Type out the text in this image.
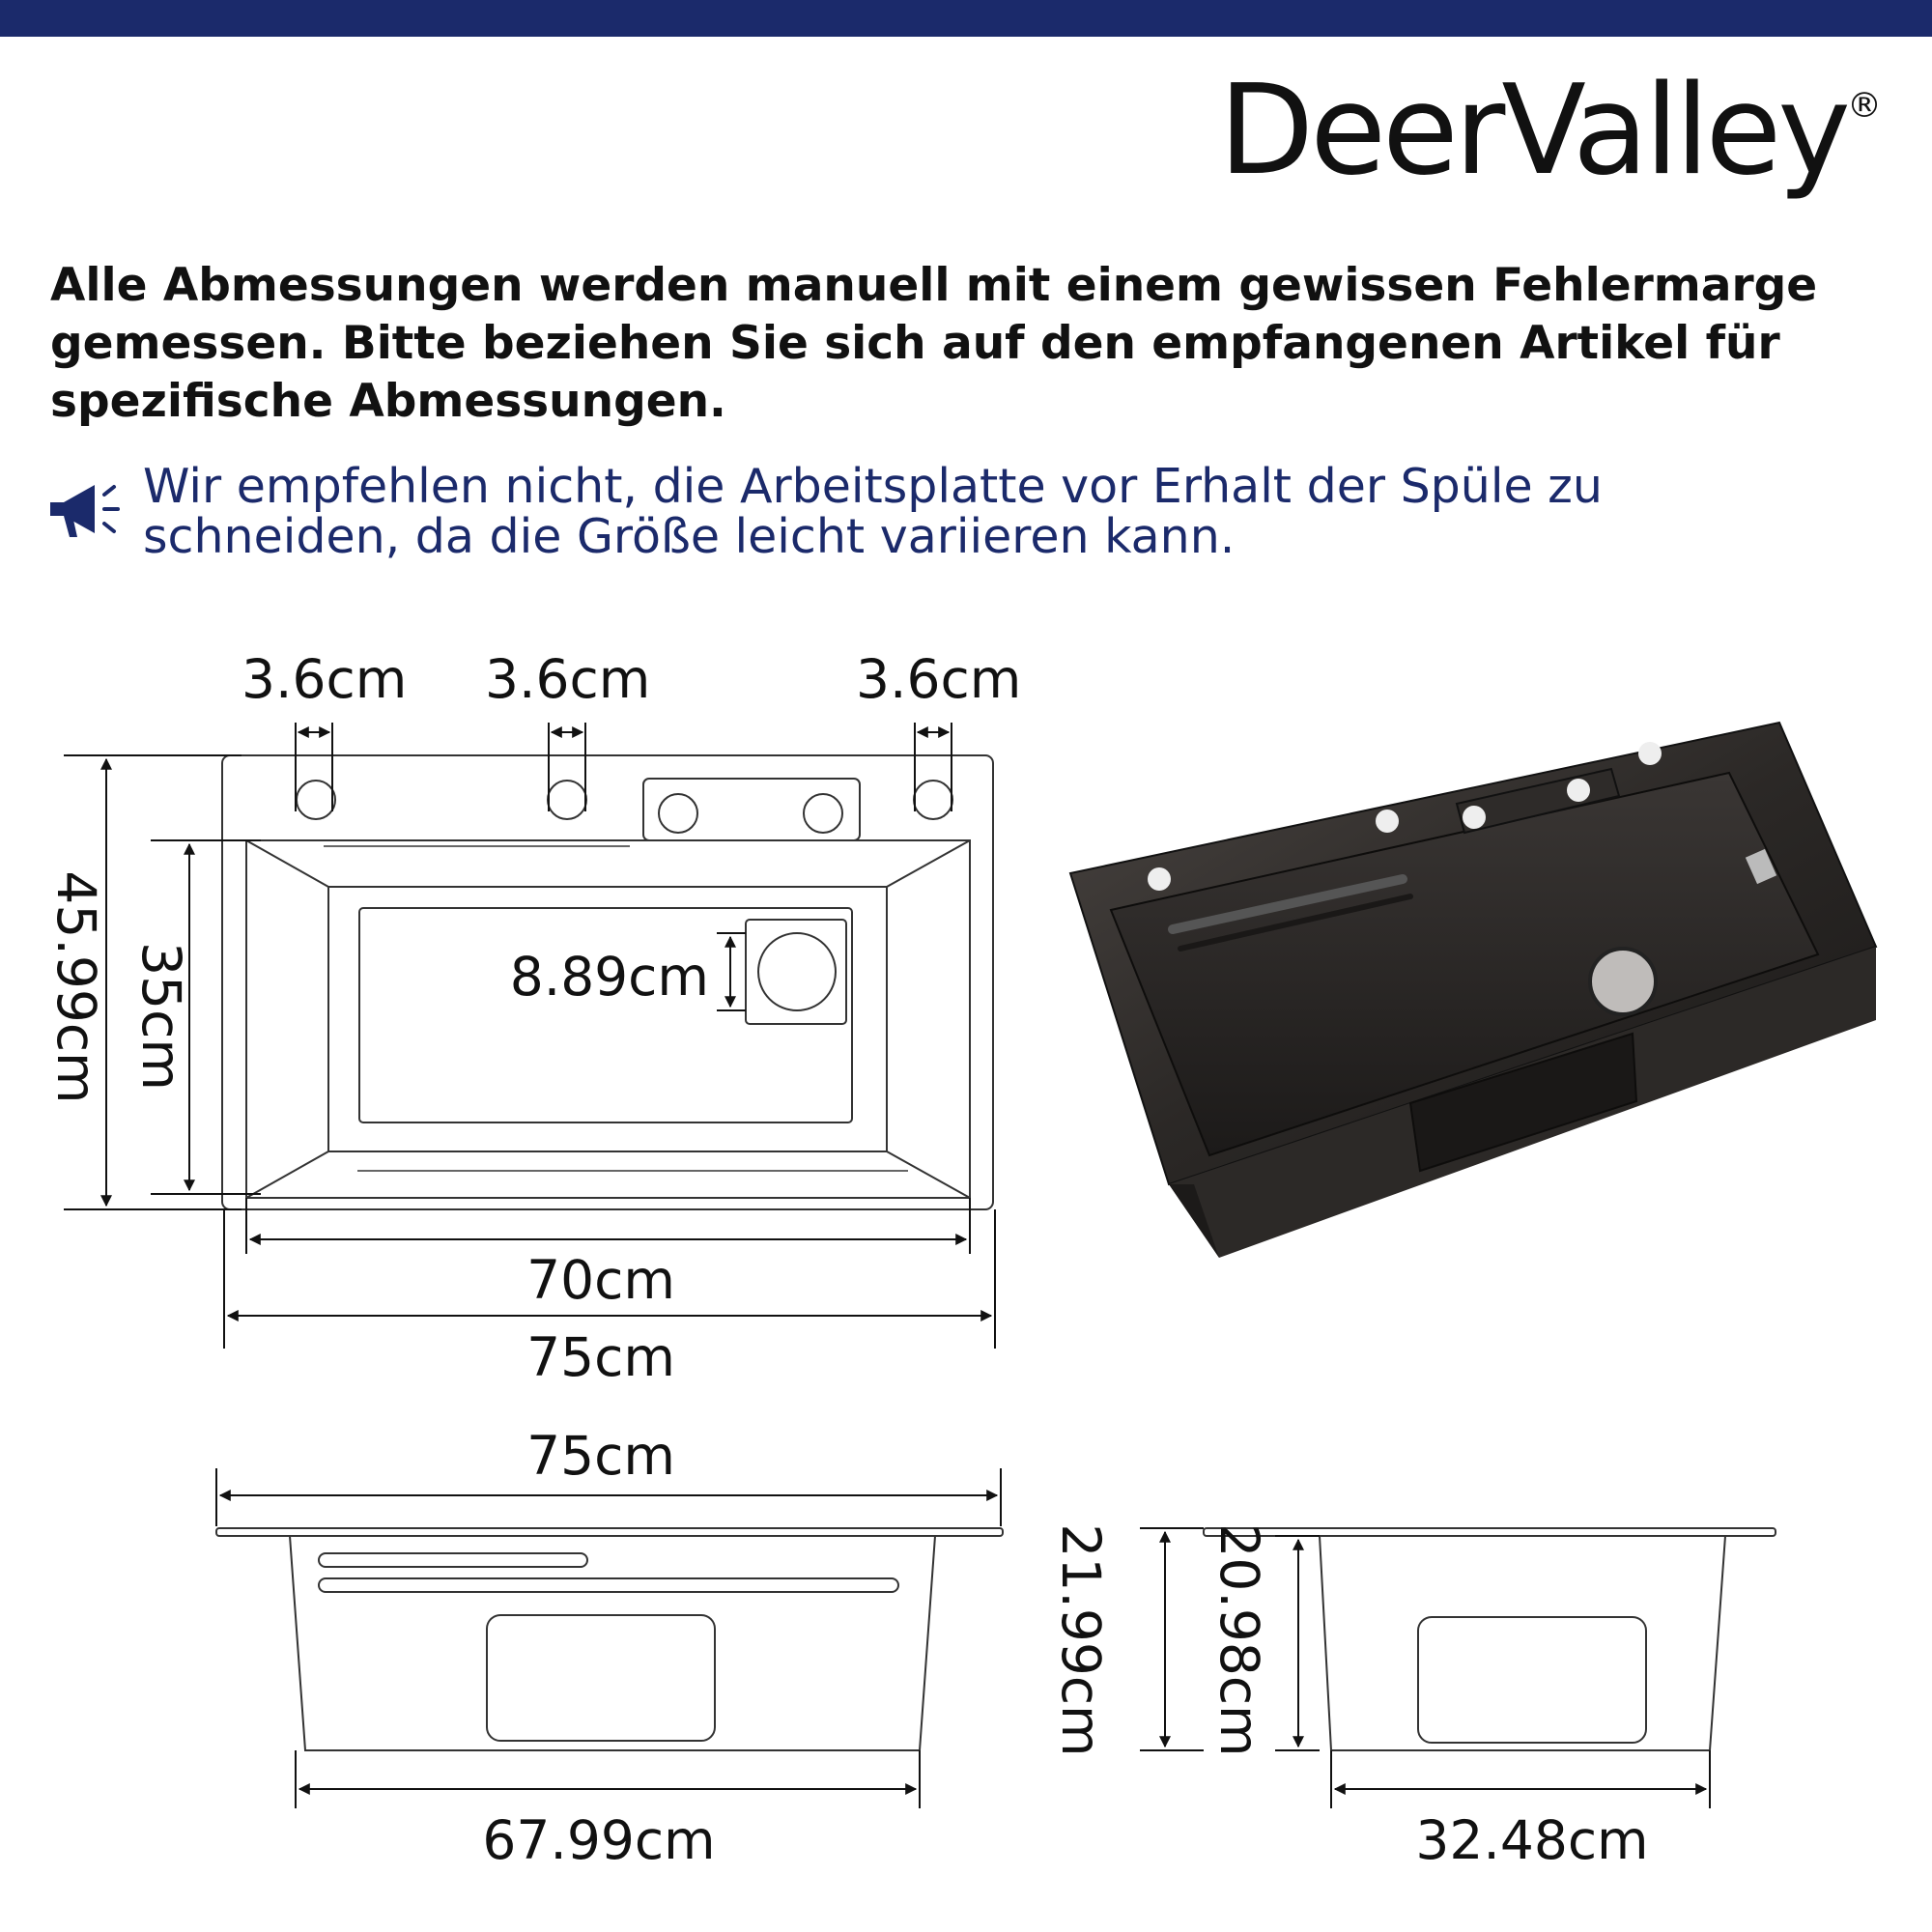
DeerValley®

Alle Abmessungen werden manuell mit einem gewissen Fehlermarge gemessen. Bitte beziehen Sie sich auf den empfangenen Artikel für spezifische Abmessungen.

Wir empfehlen nicht, die Arbeitsplatte vor Erhalt der Spüle zu
schneiden, da die Größe leicht variieren kann.

3.6cm 3.6cm	3.6cm
45.99cm 35cm	8.89cm
70cm
75cm
75cm
67.99cm
21.99cm 20.98cm
32.48cm
